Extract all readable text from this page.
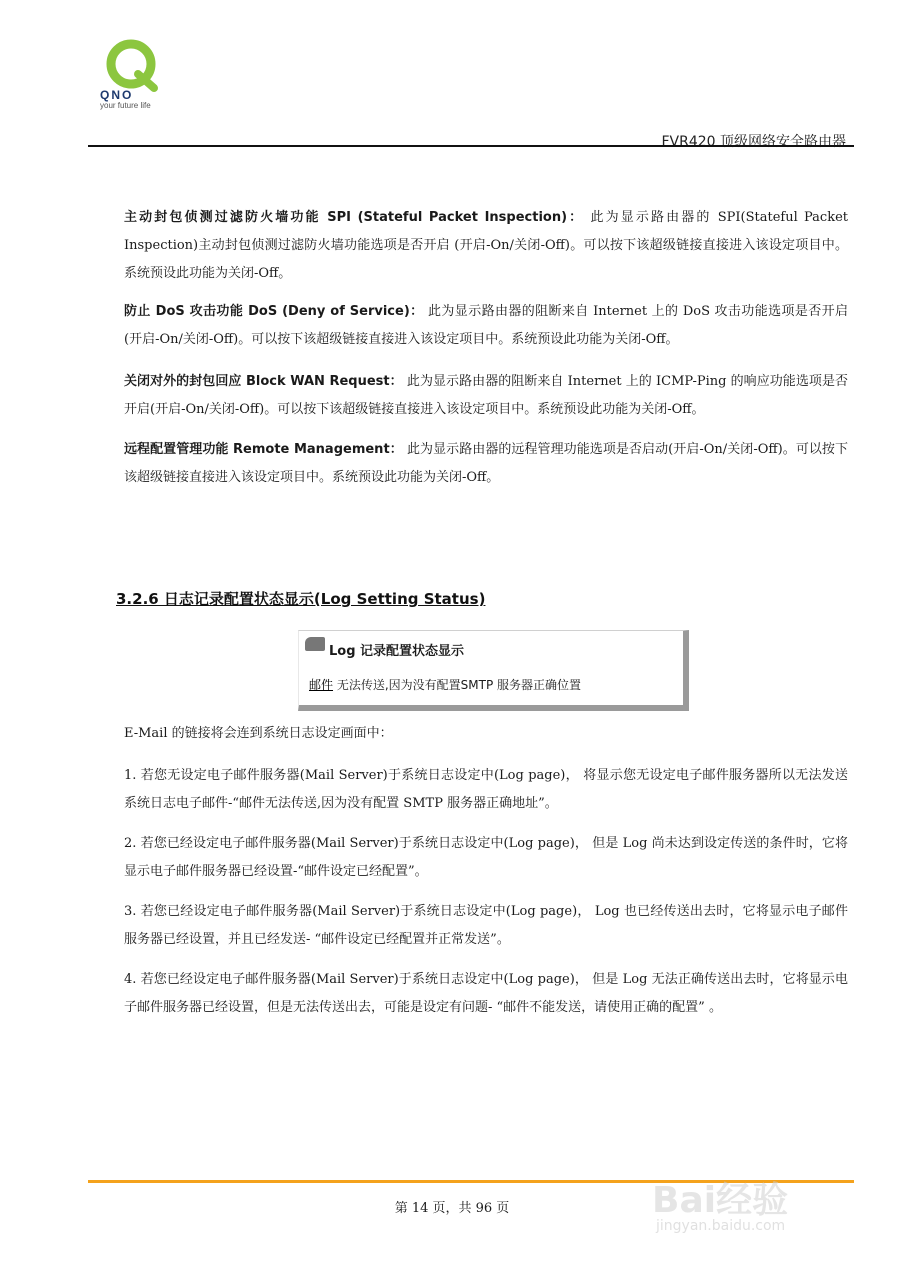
QNO
your future life
FVR420 顶级网络安全路由器
主动封包侦测过滤防火墙功能 SPI (Stateful Packet Inspection)： 此为显示路由器的 SPI(Stateful Packet Inspection)主动封包侦测过滤防火墙功能选项是否开启 (开启-On/关闭-Off)。可以按下该超级链接直接进入该设定项目中。系统预设此功能为关闭-Off。
防止 DoS 攻击功能 DoS (Deny of Service)： 此为显示路由器的阻断来自 Internet 上的 DoS 攻击功能选项是否开启 (开启-On/关闭-Off)。可以按下该超级链接直接进入该设定项目中。系统预设此功能为关闭-Off。
关闭对外的封包回应 Block WAN Request： 此为显示路由器的阻断来自 Internet 上的 ICMP-Ping 的响应功能选项是否开启(开启-On/关闭-Off)。可以按下该超级链接直接进入该设定项目中。系统预设此功能为关闭-Off。
远程配置管理功能 Remote Management： 此为显示路由器的远程管理功能选项是否启动(开启-On/关闭-Off)。可以按下该超级链接直接进入该设定项目中。系统预设此功能为关闭-Off。
3.2.6 日志记录配置状态显示(Log Setting Status)
Log 记录配置状态显示
邮件 无法传送,因为没有配置SMTP 服务器正确位置
E-Mail 的链接将会连到系统日志设定画面中：
1. 若您无设定电子邮件服务器(Mail Server)于系统日志设定中(Log page)， 将显示您无设定电子邮件服务器所以无法发送系统日志电子邮件-“邮件无法传送,因为没有配置 SMTP 服务器正确地址”。
2. 若您已经设定电子邮件服务器(Mail Server)于系统日志设定中(Log page)， 但是 Log 尚未达到设定传送的条件时，它将显示电子邮件服务器已经设置-“邮件设定已经配置”。
3. 若您已经设定电子邮件服务器(Mail Server)于系统日志设定中(Log page)， Log 也已经传送出去时，它将显示电子邮件服务器已经设置，并且已经发送- “邮件设定已经配置并正常发送”。
4. 若您已经设定电子邮件服务器(Mail Server)于系统日志设定中(Log page)， 但是 Log 无法正确传送出去时，它将显示电子邮件服务器已经设置，但是无法传送出去，可能是设定有问题- “邮件不能发送，请使用正确的配置” 。
第 14 页，共 96 页	Bai经验
jingyan.baidu.com
